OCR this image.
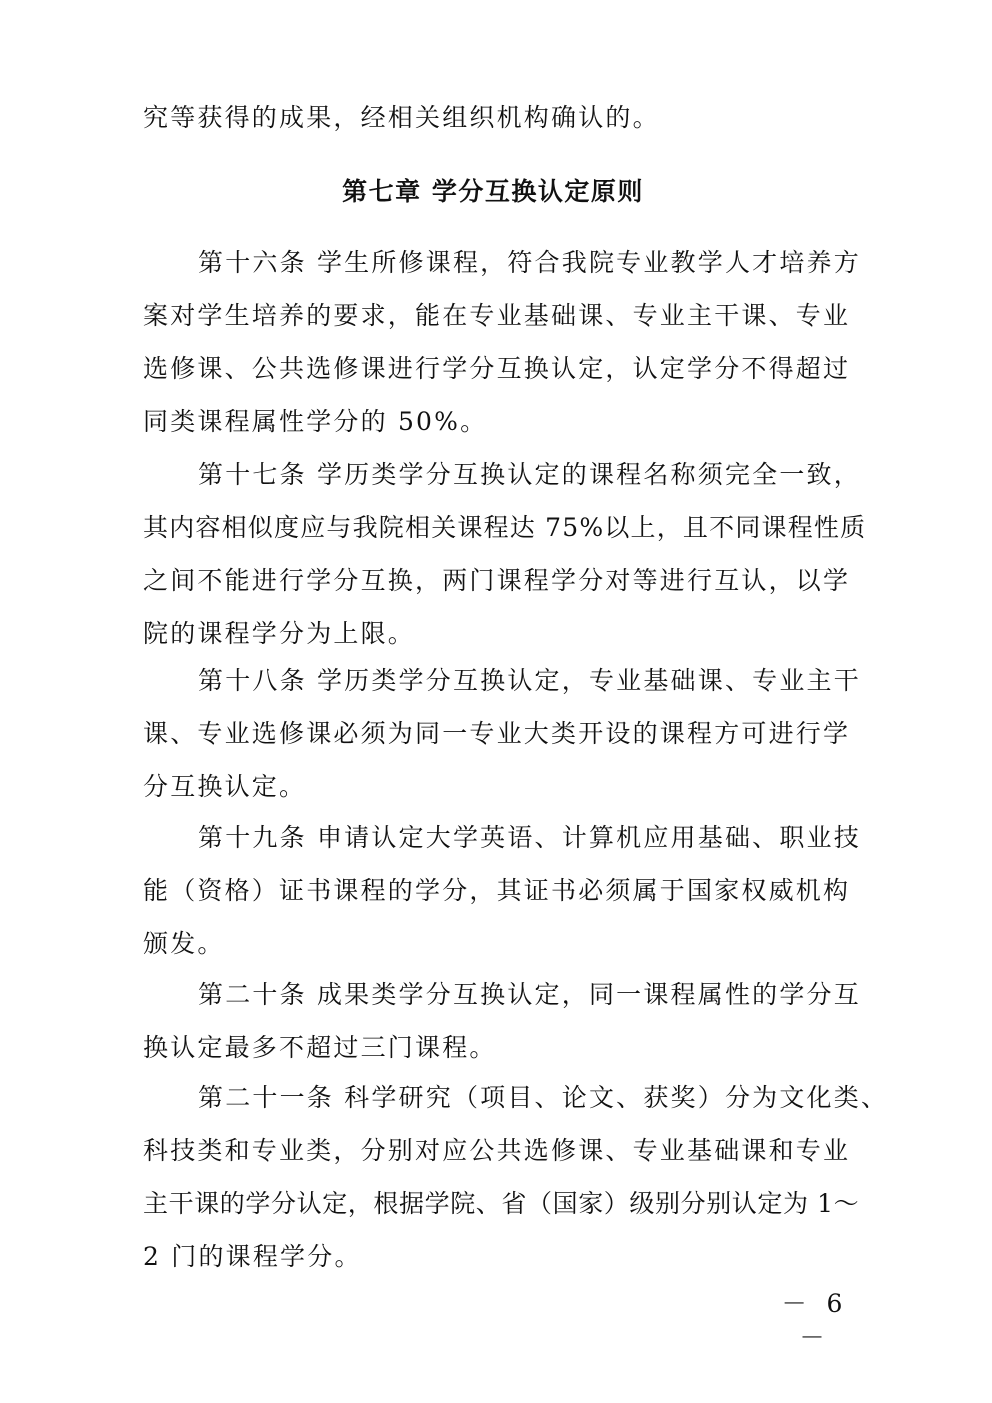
究等获得的成果，经相关组织机构确认的。
第七章 学分互换认定原则
第十六条 学生所修课程，符合我院专业教学人才培养方
案对学生培养的要求，能在专业基础课、专业主干课、专业
选修课、公共选修课进行学分互换认定，认定学分不得超过
同类课程属性学分的 50%。
第十七条 学历类学分互换认定的课程名称须完全一致，
其内容相似度应与我院相关课程达 75%以上，且不同课程性质
之间不能进行学分互换，两门课程学分对等进行互认，以学
院的课程学分为上限。
第十八条 学历类学分互换认定，专业基础课、专业主干
课、专业选修课必须为同一专业大类开设的课程方可进行学
分互换认定。
第十九条 申请认定大学英语、计算机应用基础、职业技
能（资格）证书课程的学分，其证书必须属于国家权威机构
颁发。
第二十条 成果类学分互换认定，同一课程属性的学分互
换认定最多不超过三门课程。
第二十一条 科学研究（项目、论文、获奖）分为文化类、
科技类和专业类，分别对应公共选修课、专业基础课和专业
主干课的学分认定，根据学院、省（国家）级别分别认定为 1～
2 门的课程学分。
－ 6 －
